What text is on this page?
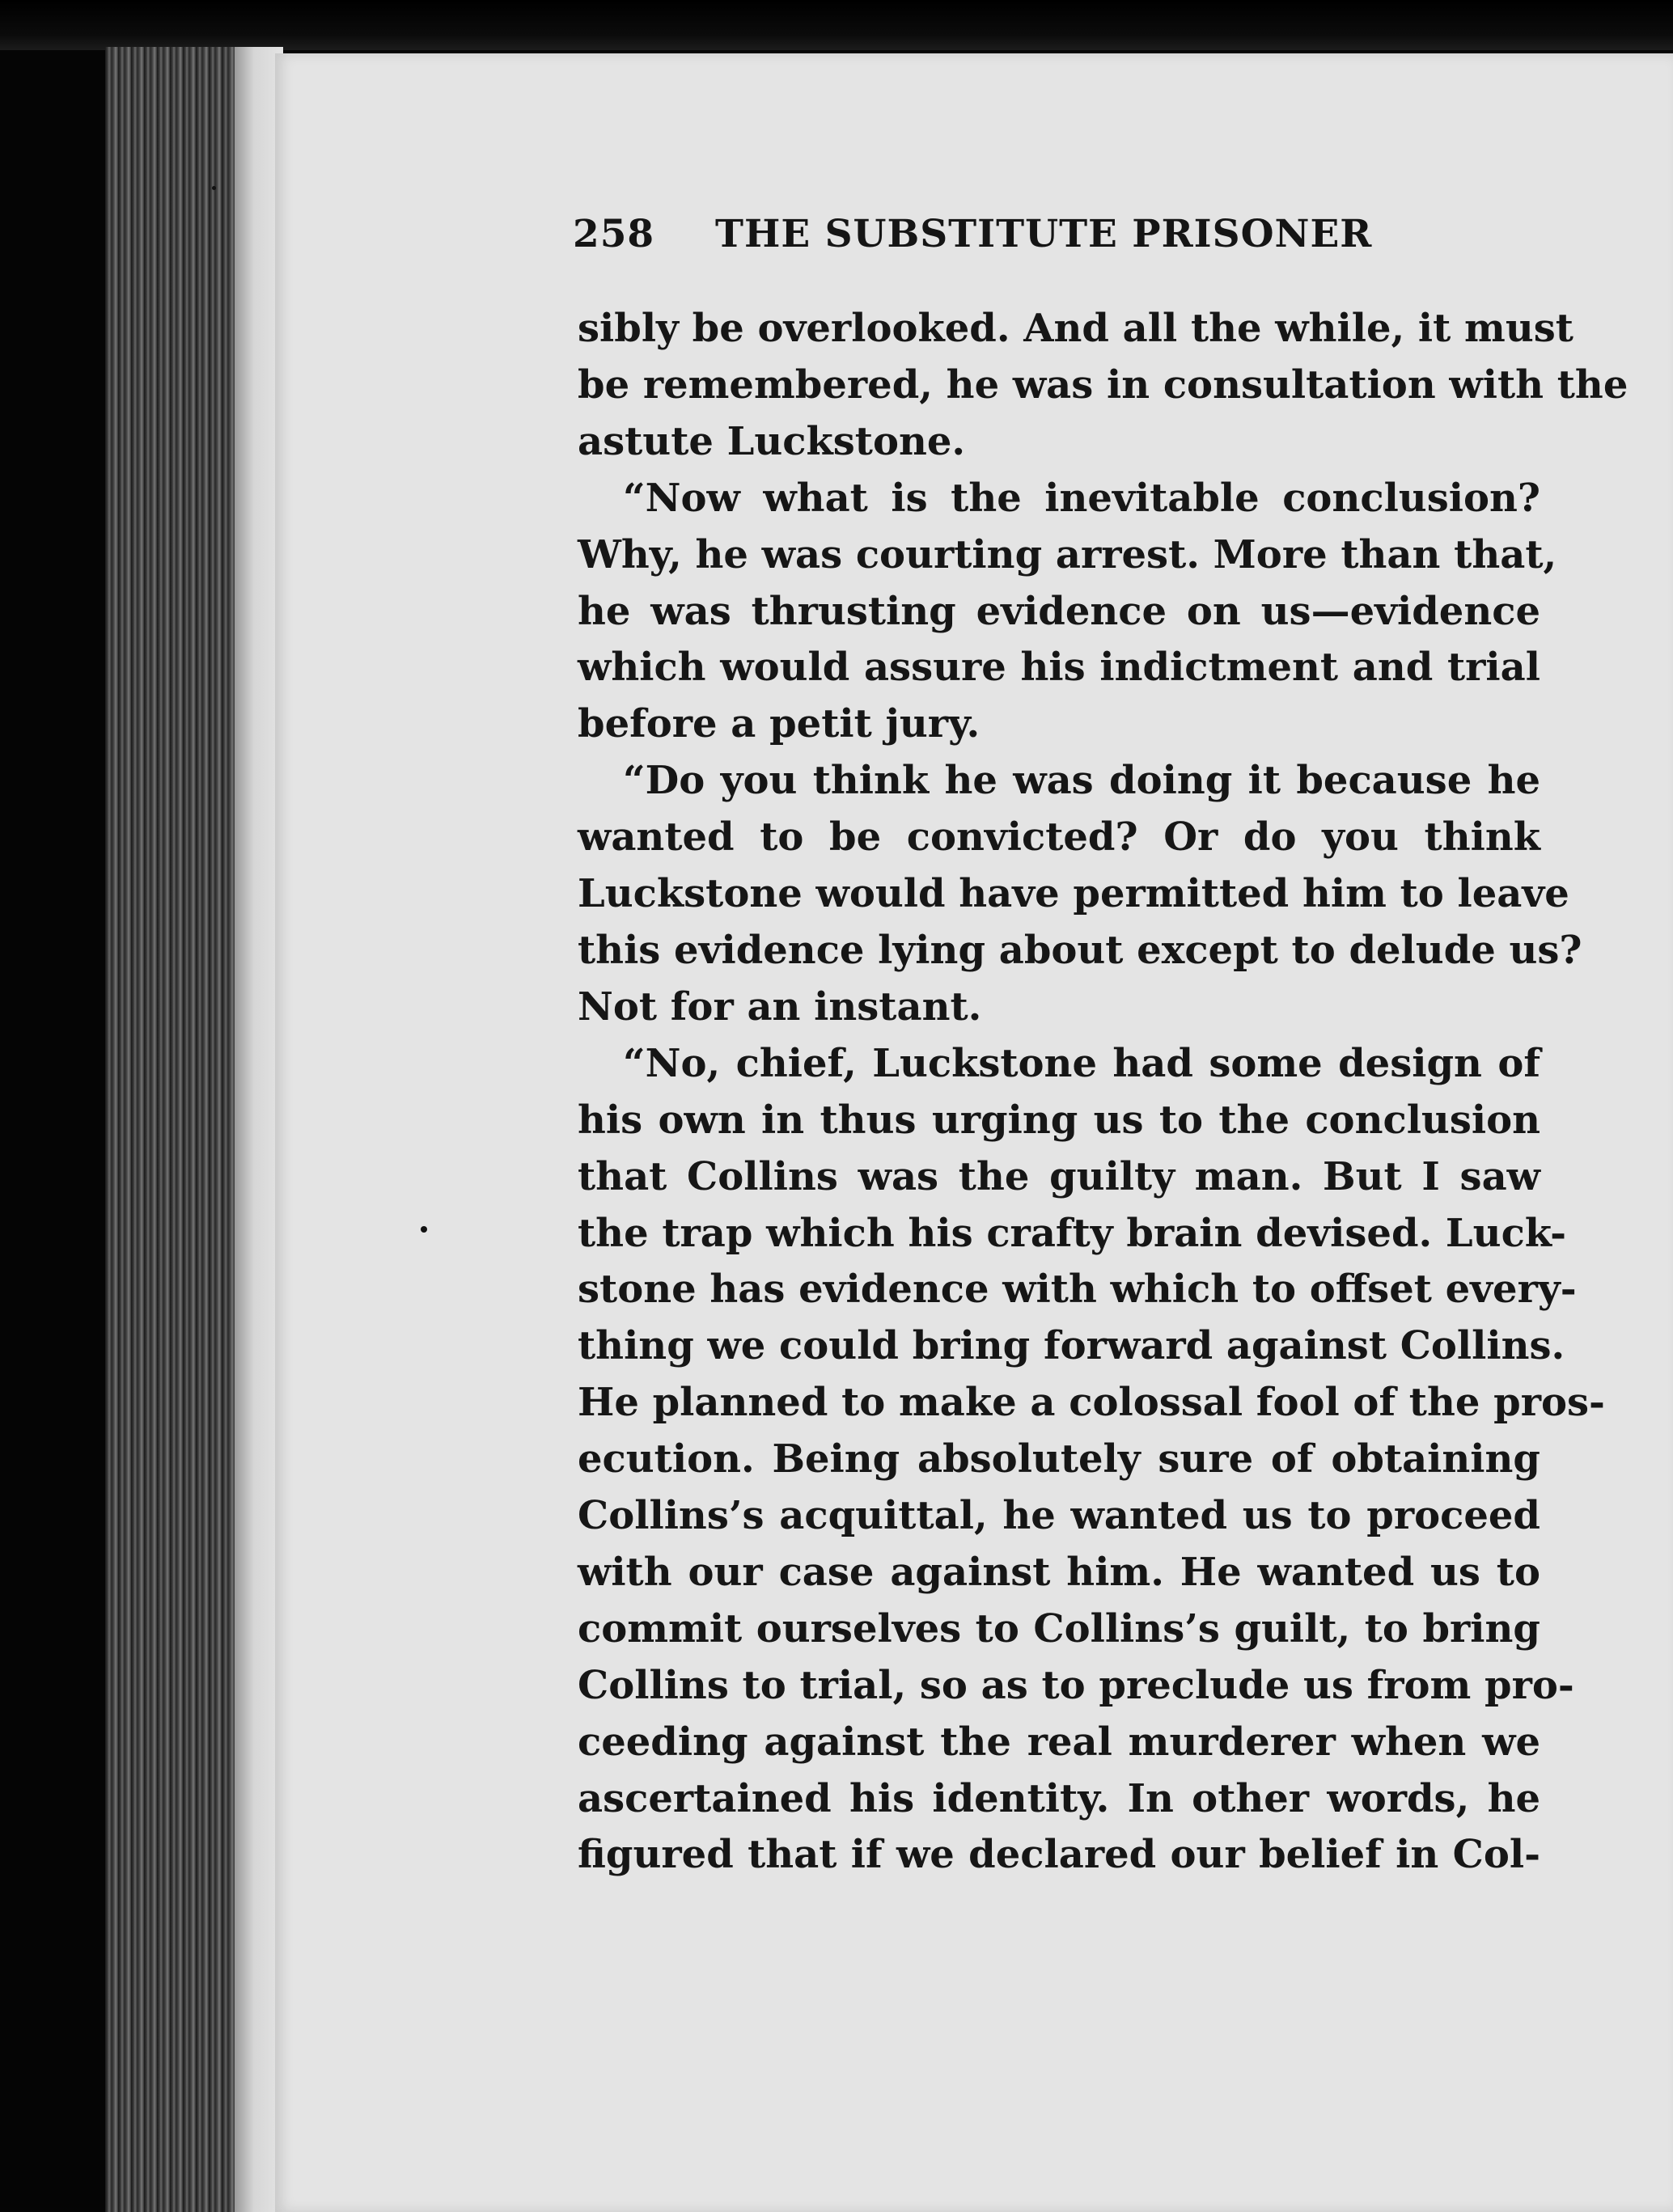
258 THE SUBSTITUTE PRISONER
sibly be overlooked. And all the while, it must
be remembered, he was in consultation with the
astute Luckstone.
“Now what is the inevitable conclusion?
Why, he was courting arrest. More than that,
he was thrusting evidence on us—evidence
which would assure his indictment and trial
before a petit jury.
“Do you think he was doing it because he
wanted to be convicted? Or do you think
Luckstone would have permitted him to leave
this evidence lying about except to delude us?
Not for an instant.
“No, chief, Luckstone had some design of
his own in thus urging us to the conclusion
that Collins was the guilty man. But I saw
the trap which his crafty brain devised. Luck-
stone has evidence with which to offset every-
thing we could bring forward against Collins.
He planned to make a colossal fool of the pros-
ecution. Being absolutely sure of obtaining
Collins’s acquittal, he wanted us to proceed
with our case against him. He wanted us to
commit ourselves to Collins’s guilt, to bring
Collins to trial, so as to preclude us from pro-
ceeding against the real murderer when we
ascertained his identity. In other words, he
figured that if we declared our belief in Col-
